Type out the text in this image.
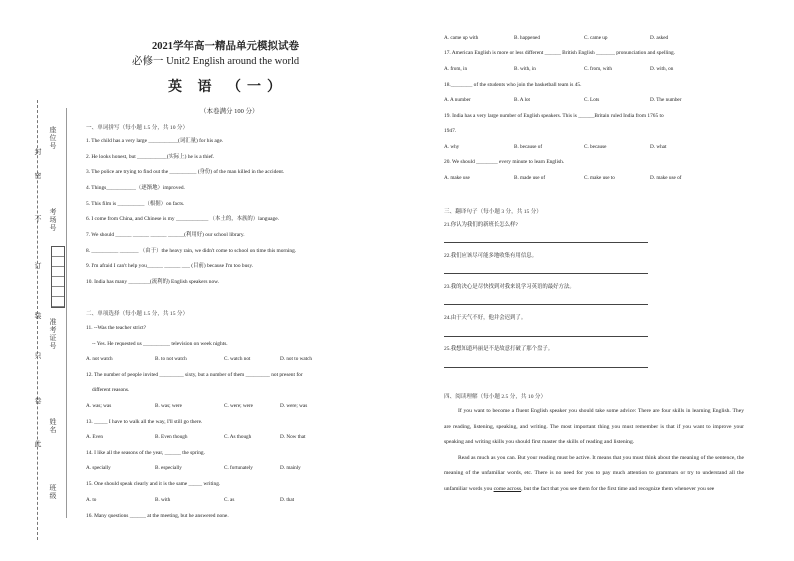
封
座位号
密
不
考场号
订
装
准考证号
只
卷
此
姓名
班级
2021学年高一精品单元模拟试卷
必修一 Unit2 English around the world
英 语 （一）
（本卷满分 100 分）
一、单词拼写（每小题 1.5 分，共 10 分）
1. The child has a very large ___________(词汇量) for his age.
2. He looks honest, but ___________(实际上) he is a thief.
3. The police are trying to find out the __________ (身份) of the man killed in the accident.
4. Things___________（逐渐地）improved.
5. This film is __________（根据）on facts.
6. I come from China, and Chinese is my ____________ （本土的，本族的）language.
7. We should ______ ______ ______ ______(利用好) our school library.
8. __________ _______ （由于）the heavy rain, we didn't come to school on time this morning.
9. I'm afraid I can't help you______ ______ ___ (目前) because I'm too busy.
10. India has many ________(流利的) English speakers now.
二、单项选择（每小题 1.5 分，共 15 分）
11. --Was the teacher strict?
-- Yes. He requested us __________ television on week nights.
A. not watch	B. to not watch	C. watch not	D. not to watch
12. The number of people invited _________ sixty, but a number of them _________ not present for
different reasons.
A. was; was	B. was; were	C. were; were	D. were; was
13. _____ I have to walk all the way, I'll still go there.
A. Even	B. Even though	C. As though	D. Now that
14. I like all the seasons of the year, ______ the spring.
A. specially	B. especially	C. fortunately	D. mainly
15. One should speak clearly and it is the same _____ writing.
A. to	B. with	C. as	D. that
16. Many questions ______ at the meeting, but he answered none.
A. came up with	B. happened	C. came up	D. asked
17. American English is more or less different ______ British English _______ pronunciation and spelling.
A. from, in	B. with, in	C. from, with	D. with, on
18.________ of the students who join the basketball team is 45.
A. A number	B. A lot	C. Lots	D. The number
19. India has a very large number of English speakers. This is ______Britain ruled India from 1765 to
1947.
A. why	B. because of	C. because	D. what
20. We should ________ every minute to learn English.
A. make use	B. made use of	C. make use to	D. make use of
三、翻译句子（每小题 3 分，共 15 分）
21.你认为我们的新班长怎么样?
22.我们应该尽可能多地收集有用信息。
23.我的决心是尽快找到对我来说学习英语的最好方法。
24.由于天气不好，他并会迟到了。
25.我想知道玛丽是不是故意打破了那个盘子。
四、阅读理解（每小题 2.5 分，共 10 分）

If you want to become a fluent English speaker you should take some advice: There are four skills in learning English. They are reading, listening, speaking, and writing. The most important thing you must remember is that if you want to improve your speaking and writing skills you should first master the skills of reading and listening.

Read as much as you can. But your reading must be active. It means that you must think about the meaning of the sentence, the meaning of the unfamiliar words, etc. There is no need for you to pay much attention to grammars or try to understand all the unfamiliar words you come across, but the fact that you see them for the first time and recognize them whenever you see
